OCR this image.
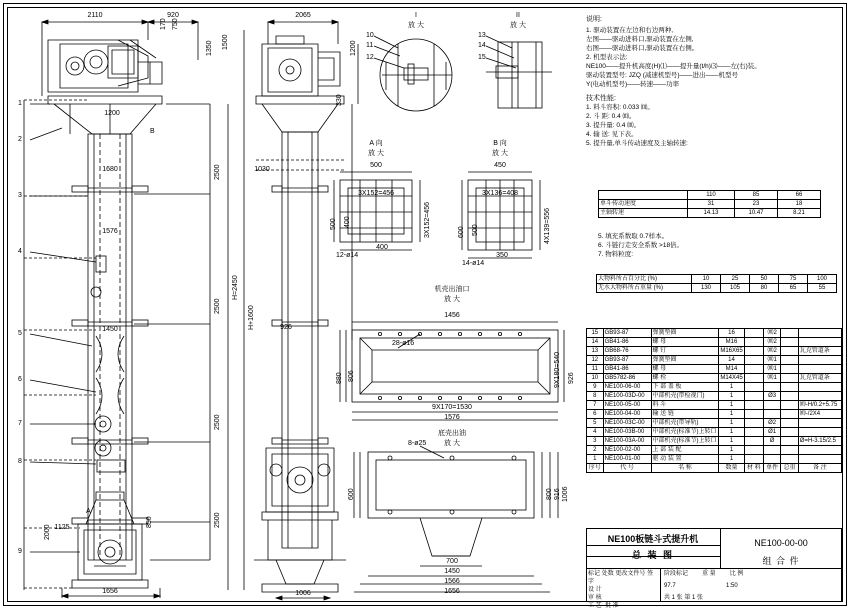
1
2
3
4
5
6
7
8
9
10
11
12
13
14
15
2110	920
170 750
1350 1500
1200
B
A
1680
1576
1450
1125
1656
2000
850
2500
2500
2500
2500
H+1600
H=2450
2065
1200
330
1030
926
1006
I
放 大
II
放 大
A 向
放 大
B 向
放 大
500
3X152=456
500 400	3X152=456
400
12-ø14
450
3X136=408
600 500	4X139=556
350
14-ø14
机壳出油口
放 大
1456
28-ø16
880 806	926
9X180=540
9X170=1530
1576
底壳出油
放 大
8-ø25
600	800 916 1006
700
1450
1566
1656
说明:
1. 驱动装置在左边和右边两种,
左图——驱动进料口,驱动装置在左侧,
右图——驱动进料口,驱动装置在右侧。
2. 机型表示法:
NE100——提升机高度(H)⑴——提升量(t/h)⑶——左(右)装。
驱动装置型号: JZQ (减速机型号)——进出——机型号
Y(电动机型号)——转速——功率
技术性能:
1. 料斗容积: 0.033 ⒨。
2. 斗 距: 0.4 ⒨。
3. 提升量: 0.4 ⒨。
4. 输 送: 见下表。
5. 提升量,单斗传动速度及主轴转速:
	110	85	66
单斗传动速度	31	23	18
主轴转速	14.13	10.47	8.21
5. 填充系数取 0.7样本。
6. 斗链行走安全系数 >18倍。
7. 物料粒度:
大物料所占百分比 (%)	10	25	50	75	100
无水大物料所占重量 (%)	130	105	80	65	55
15	GB93-87	弹簧垫圈	16		⒨2		
14	GB41-86	螺 母	M16		⒨2		
13	GB68-76	螺 钉	M16X65		⒨2		瓦克管道条
12	GB93-87	弹簧垫圈	14		⒨1		
11	GB41-86	螺 母	M14		⒨1		
10	GB5782-86	螺 栓	M14X45		⒨1		瓦克管道条
9	NE100-06-00	下 部 盖 板	1				
8	NE100-03D-00	中部机壳(带检视门)	1		Ø3		
7	NE100-05-00	料 斗	1				⒨-H/0.2+5.75
6	NE100-04-00	输 送 链	1				⒨-/2X4
5	NE100-03C-00	中部机壳(带导轨)	1		Ø2		
4	NE100-03B-00	中部机壳(标准节)上转口	1		Ø1		
3	NE100-03A-00	中部机壳(标准节)上转口	1		Ø		Ø=H-3.15/2.5
2	NE100-02-00	上 部 装 配	1				
1	NE100-01-00	驱 动 装 置	1				
序号	代 号	名 称	数量	材 料	单件	总重	备 注
NE100板链斗式提升机
总 装 图
NE100-00-00
组 合 件
标记 处数 更改文件号 签 字
设 计
审 核
工 艺 批 准
阶段标记 重 量 比 例
97.7	1:50
共 1 张 第 1 张
